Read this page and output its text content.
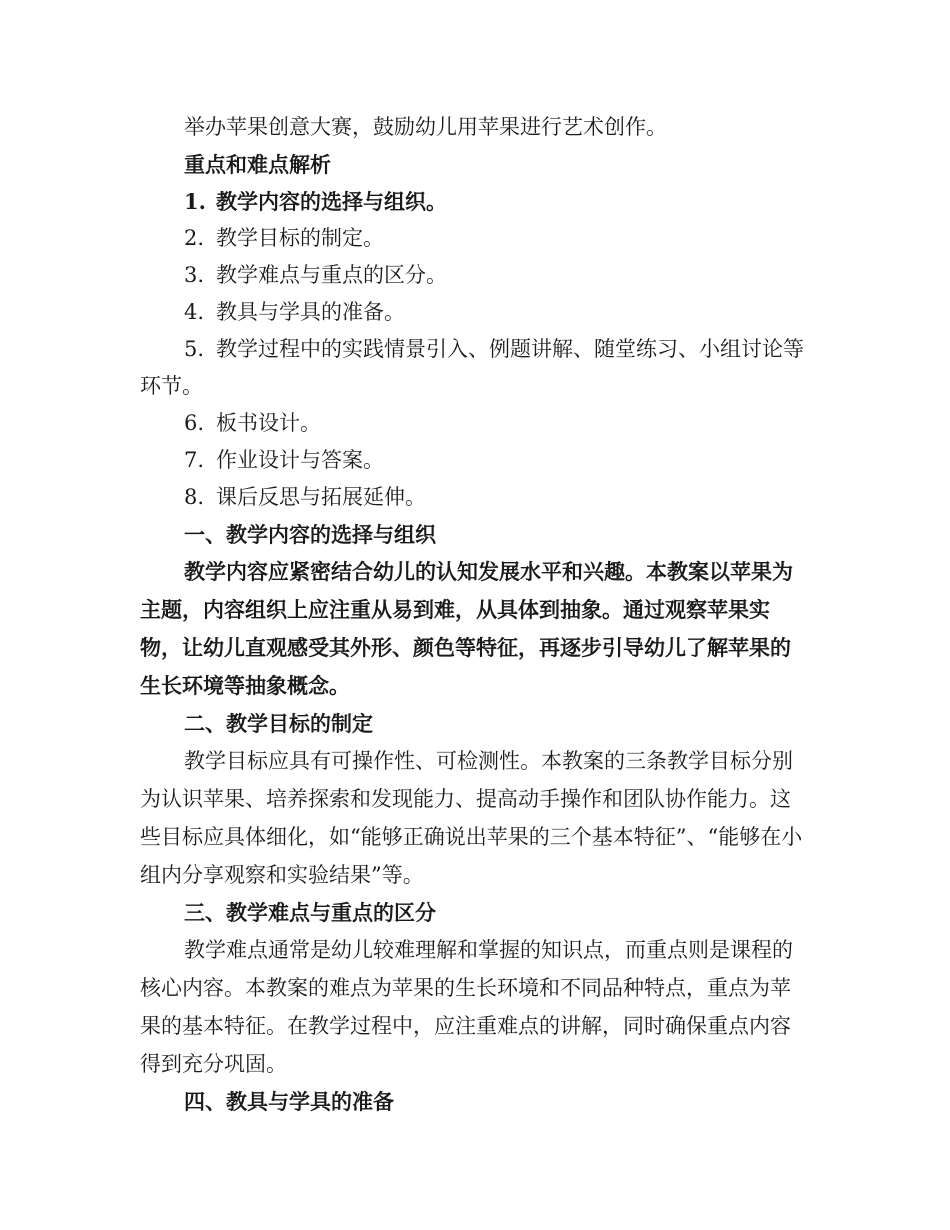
举办苹果创意大赛，鼓励幼儿用苹果进行艺术创作。

重点和难点解析

1. 教学内容的选择与组织。

2. 教学目标的制定。

3. 教学难点与重点的区分。

4. 教具与学具的准备。

5. 教学过程中的实践情景引入、例题讲解、随堂练习、小组讨论等环节。

6. 板书设计。

7. 作业设计与答案。

8. 课后反思与拓展延伸。

一、教学内容的选择与组织

教学内容应紧密结合幼儿的认知发展水平和兴趣。本教案以苹果为主题，内容组织上应注重从易到难，从具体到抽象。通过观察苹果实物，让幼儿直观感受其外形、颜色等特征，再逐步引导幼儿了解苹果的生长环境等抽象概念。

二、教学目标的制定

教学目标应具有可操作性、可检测性。本教案的三条教学目标分别为认识苹果、培养探索和发现能力、提高动手操作和团队协作能力。这些目标应具体细化，如“能够正确说出苹果的三个基本特征”、“能够在小组内分享观察和实验结果”等。

三、教学难点与重点的区分

教学难点通常是幼儿较难理解和掌握的知识点，而重点则是课程的核心内容。本教案的难点为苹果的生长环境和不同品种特点，重点为苹果的基本特征。在教学过程中，应注重难点的讲解，同时确保重点内容得到充分巩固。

四、教具与学具的准备
